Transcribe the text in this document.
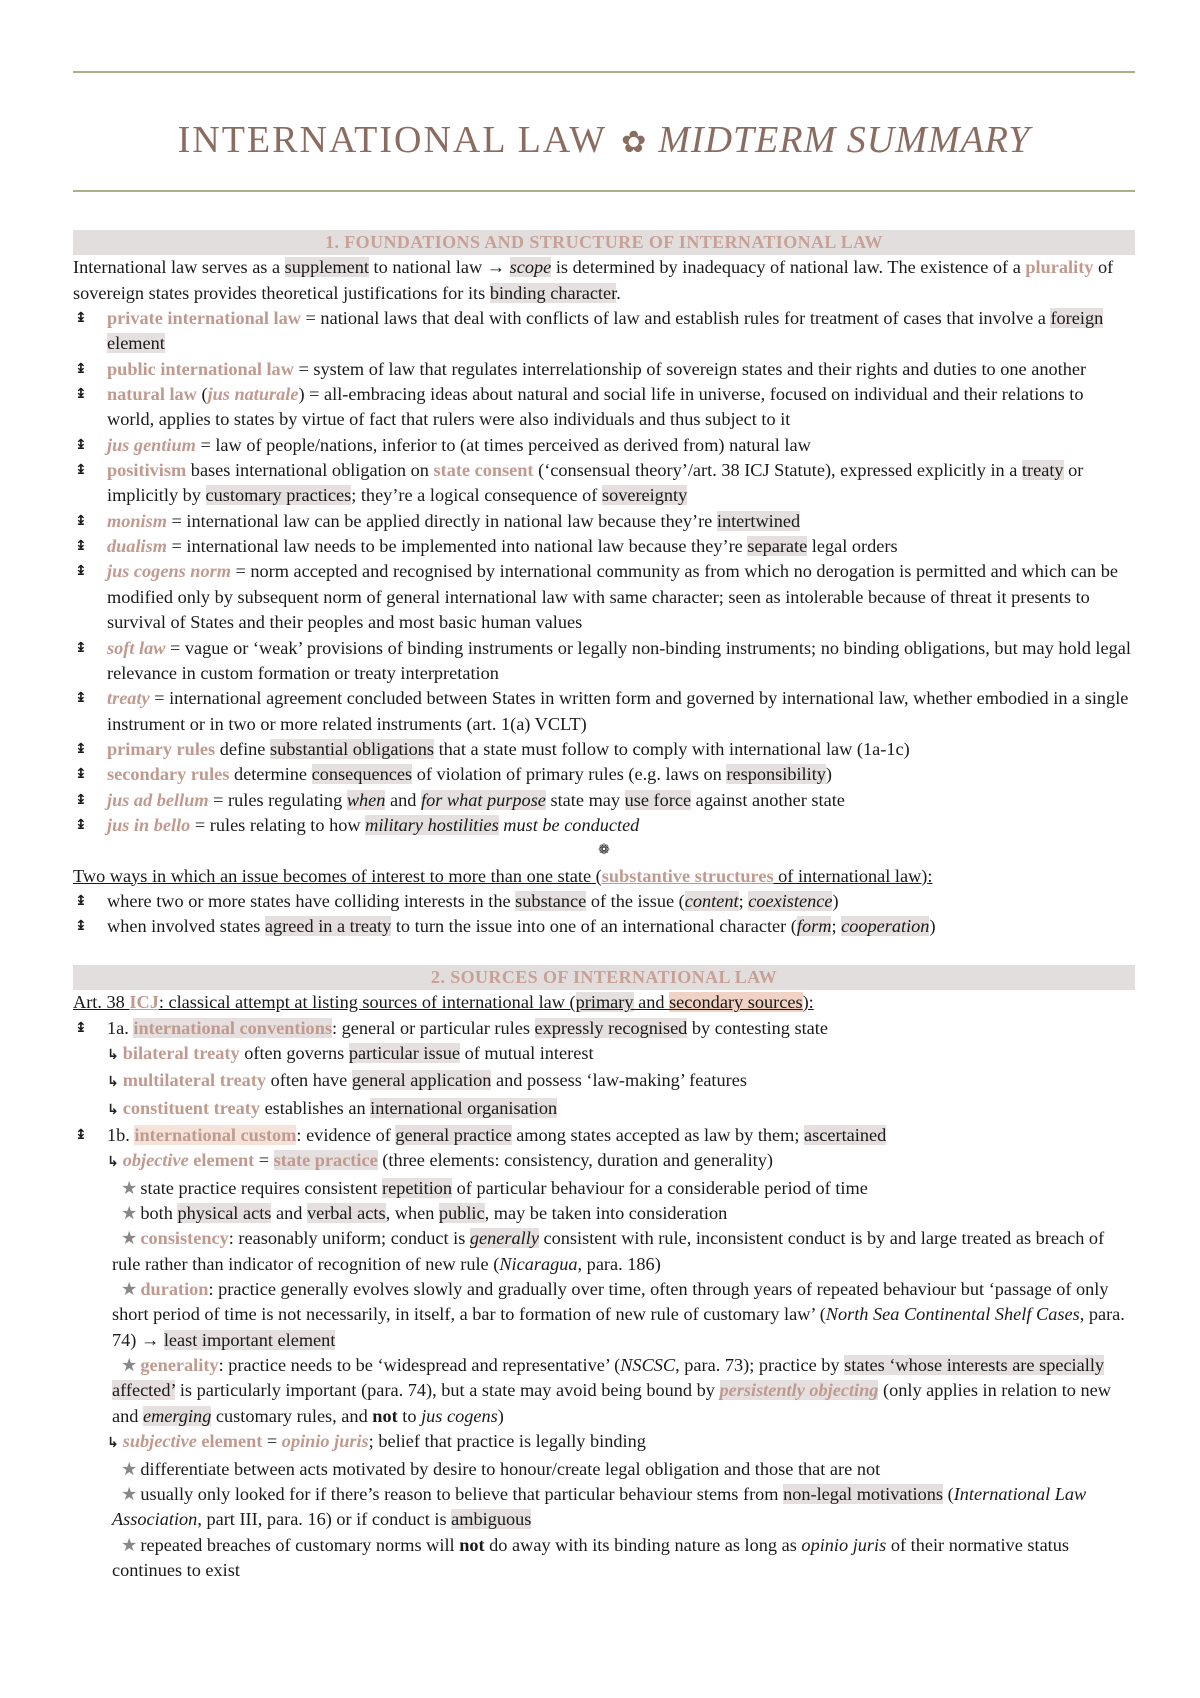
INTERNATIONAL LAW ✿ MIDTERM SUMMARY
1. FOUNDATIONS AND STRUCTURE OF INTERNATIONAL LAW
International law serves as a supplement to national law → scope is determined by inadequacy of national law. The existence of a plurality of sovereign states provides theoretical justifications for its binding character.
↨ private international law = national laws that deal with conflicts of law and establish rules for treatment of cases that involve a foreign element
↨ public international law = system of law that regulates interrelationship of sovereign states and their rights and duties to one another
↨ natural law (jus naturale) = all-embracing ideas about natural and social life in universe, focused on individual and their relations to world, applies to states by virtue of fact that rulers were also individuals and thus subject to it
↨ jus gentium = law of people/nations, inferior to (at times perceived as derived from) natural law
↨ positivism bases international obligation on state consent (‘consensual theory’/art. 38 ICJ Statute), expressed explicitly in a treaty or implicitly by customary practices; they’re a logical consequence of sovereignty
↨ monism = international law can be applied directly in national law because they’re intertwined
↨ dualism = international law needs to be implemented into national law because they’re separate legal orders
↨ jus cogens norm = norm accepted and recognised by international community as from which no derogation is permitted and which can be modified only by subsequent norm of general international law with same character; seen as intolerable because of threat it presents to survival of States and their peoples and most basic human values
↨ soft law = vague or ‘weak’ provisions of binding instruments or legally non-binding instruments; no binding obligations, but may hold legal relevance in custom formation or treaty interpretation
↨ treaty = international agreement concluded between States in written form and governed by international law, whether embodied in a single instrument or in two or more related instruments (art. 1(a) VCLT)
↨ primary rules define substantial obligations that a state must follow to comply with international law (1a-1c)
↨ secondary rules determine consequences of violation of primary rules (e.g. laws on responsibility)
↨ jus ad bellum = rules regulating when and for what purpose state may use force against another state
↨ jus in bello = rules relating to how military hostilities must be conducted
❁
Two ways in which an issue becomes of interest to more than one state (substantive structures of international law):
↨ where two or more states have colliding interests in the substance of the issue (content; coexistence)
↨ when involved states agreed in a treaty to turn the issue into one of an international character (form; cooperation)
2. SOURCES OF INTERNATIONAL LAW
Art. 38 ICJ: classical attempt at listing sources of international law (primary and secondary sources):
↨ 1a. international conventions: general or particular rules expressly recognised by contesting state
↳ bilateral treaty often governs particular issue of mutual interest
↳ multilateral treaty often have general application and possess ‘law-making’ features
↳ constituent treaty establishes an international organisation
↨ 1b. international custom: evidence of general practice among states accepted as law by them; ascertained
↳ objective element = state practice (three elements: consistency, duration and generality)
★ state practice requires consistent repetition of particular behaviour for a considerable period of time
★ both physical acts and verbal acts, when public, may be taken into consideration
★ consistency: reasonably uniform; conduct is generally consistent with rule, inconsistent conduct is by and large treated as breach of rule rather than indicator of recognition of new rule (Nicaragua, para. 186)
★ duration: practice generally evolves slowly and gradually over time, often through years of repeated behaviour but ‘passage of only short period of time is not necessarily, in itself, a bar to formation of new rule of customary law’ (North Sea Continental Shelf Cases, para. 74) → least important element
★ generality: practice needs to be ‘widespread and representative’ (NSCSC, para. 73); practice by states ‘whose interests are specially affected’ is particularly important (para. 74), but a state may avoid being bound by persistently objecting (only applies in relation to new and emerging customary rules, and not to jus cogens)
↳ subjective element = opinio juris; belief that practice is legally binding
★ differentiate between acts motivated by desire to honour/create legal obligation and those that are not
★ usually only looked for if there’s reason to believe that particular behaviour stems from non-legal motivations (International Law Association, part III, para. 16) or if conduct is ambiguous
★ repeated breaches of customary norms will not do away with its binding nature as long as opinio juris of their normative status continues to exist
